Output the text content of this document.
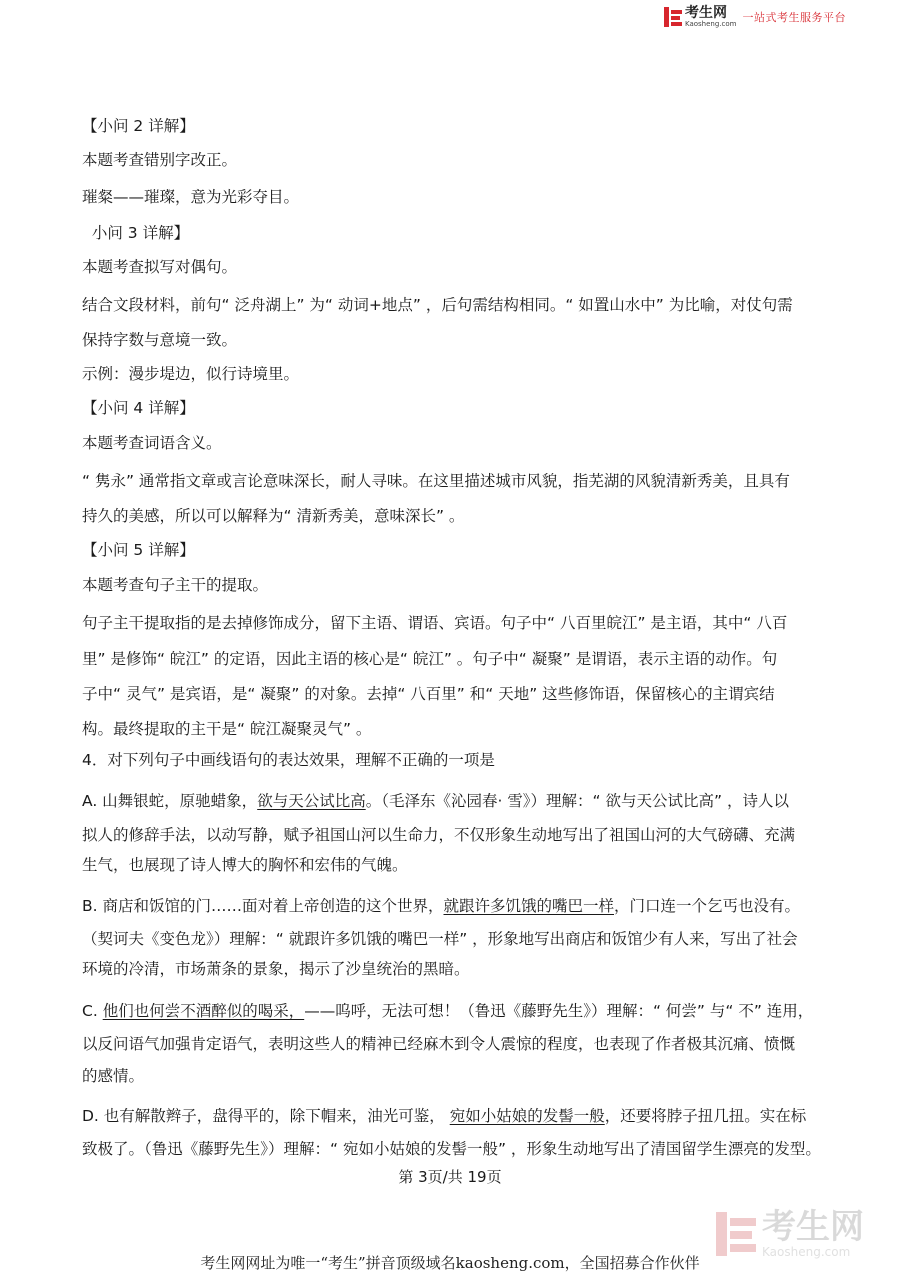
考生网
Kaosheng.com 一站式考生服务平台
【小问 2 详解】
本题考查错别字改正。
璀粲——璀璨，意为光彩夺目。
小问 3 详解】
本题考查拟写对偶句。
结合文段材料，前句“ 泛舟湖上” 为“ 动词+地点” ，后句需结构相同。“ 如置山水中” 为比喻，对仗句需
保持字数与意境一致。
示例：漫步堤边，似行诗境里。
【小问 4 详解】
本题考查词语含义。
“ 隽永” 通常指文章或言论意味深长，耐人寻味。在这里描述城市风貌，指芜湖的风貌清新秀美，且具有
持久的美感，所以可以解释为“ 清新秀美，意味深长” 。
【小问 5 详解】
本题考查句子主干的提取。
句子主干提取指的是去掉修饰成分，留下主语、谓语、宾语。句子中“ 八百里皖江” 是主语，其中“ 八百
里” 是修饰“ 皖江” 的定语，因此主语的核心是“ 皖江” 。句子中“ 凝聚” 是谓语，表示主语的动作。句
子中“ 灵气” 是宾语，是“ 凝聚” 的对象。去掉“ 八百里” 和“ 天地” 这些修饰语，保留核心的主谓宾结
构。最终提取的主干是“ 皖江凝聚灵气” 。
4．对下列句子中画线语句的表达效果，理解不正确的一项是
A. 山舞银蛇，原驰蜡象，欲与天公试比高。（毛泽东《沁园春· 雪》）理解：“ 欲与天公试比高” ，诗人以
拟人的修辞手法，以动写静，赋予祖国山河以生命力，不仅形象生动地写出了祖国山河的大气磅礴、充满
生气，也展现了诗人博大的胸怀和宏伟的气魄。
B. 商店和饭馆的门……面对着上帝创造的这个世界，就跟许多饥饿的嘴巴一样，门口连一个乞丐也没有。
（契诃夫《变色龙》）理解：“ 就跟许多饥饿的嘴巴一样” ，形象地写出商店和饭馆少有人来，写出了社会
环境的冷清，市场萧条的景象，揭示了沙皇统治的黑暗。
C. 他们也何尝不酒醉似的喝采，——呜呼，无法可想！（鲁迅《藤野先生》）理解：“ 何尝” 与“ 不” 连用，
以反问语气加强肯定语气，表明这些人的精神已经麻木到令人震惊的程度，也表现了作者极其沉痛、愤慨
的感情。
D. 也有解散辫子，盘得平的，除下帽来，油光可鉴， 宛如小姑娘的发髻一般，还要将脖子扭几扭。实在标
致极了。（鲁迅《藤野先生》）理解：“ 宛如小姑娘的发髻一般” ，形象生动地写出了清国留学生漂亮的发型。
第 3页/共 19页
考生网
Kaosheng.com
考生网网址为唯一“考生”拼音顶级域名kaosheng.com，全国招募合作伙伴
